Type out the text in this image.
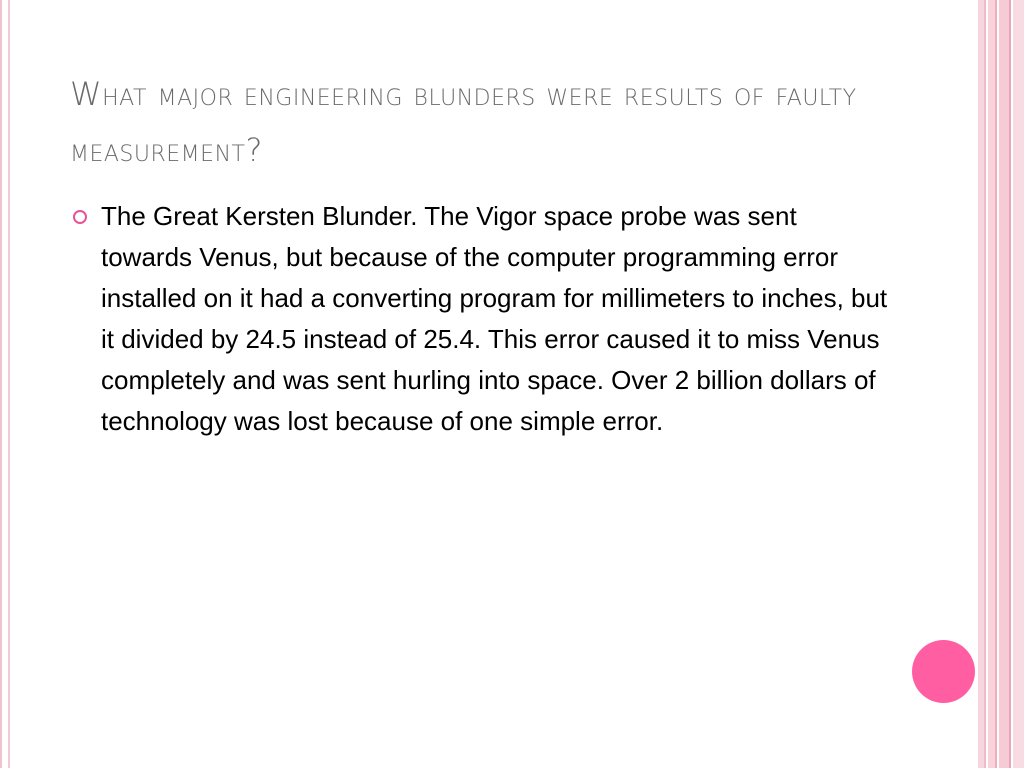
What major engineering blunders were results of faulty measurement?
The Great Kersten Blunder. The Vigor space probe was sent towards Venus, but because of the computer programming error installed on it had a converting program for millimeters to inches, but it divided by 24.5 instead of 25.4. This error caused it to miss Venus completely and was sent hurling into space. Over 2 billion dollars of technology was lost because of one simple error.
